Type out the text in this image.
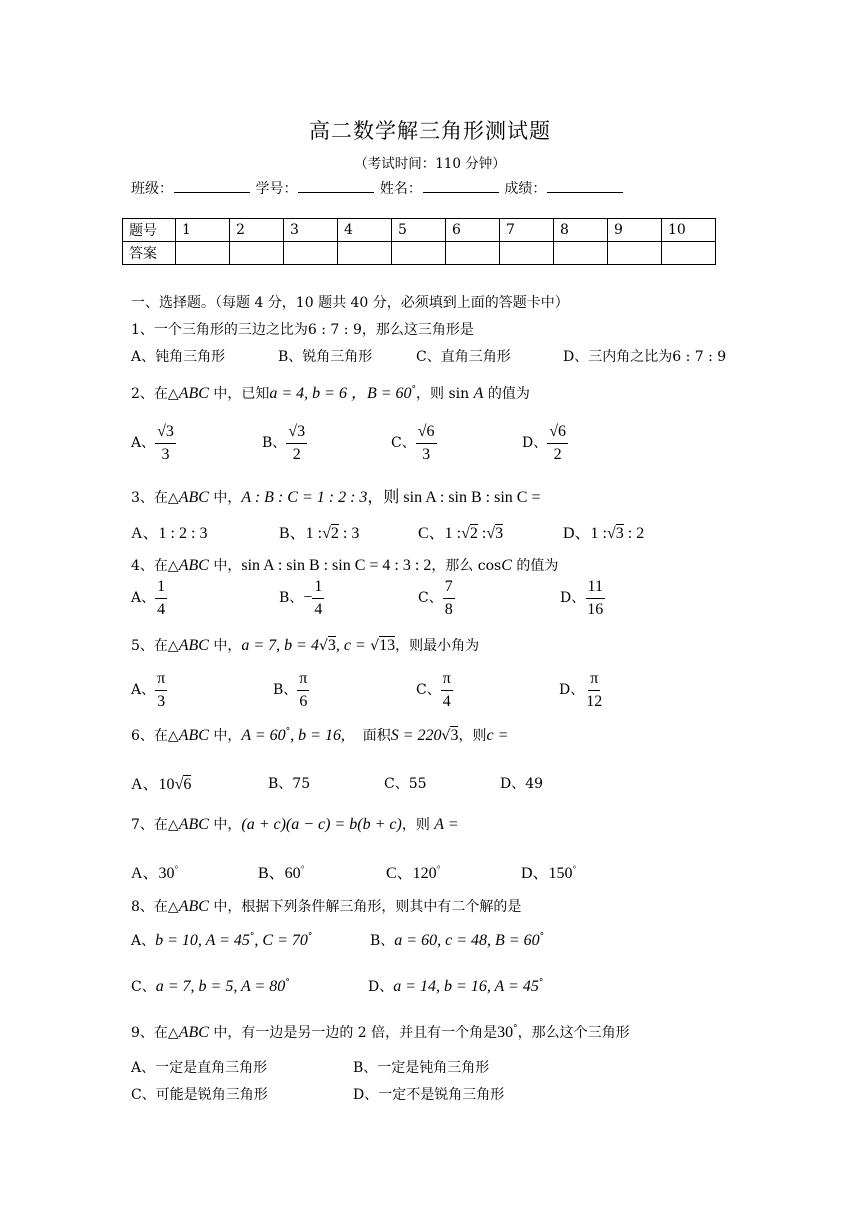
高二数学解三角形测试题
（考试时间：110 分钟）
班级：	学号：	姓名：	成绩：
题号	1	2	3	4	5	6	7	8	9	10
答案										
一、选择题。（每题 4 分，10 题共 40 分，必须填到上面的答题卡中）
1、一个三角形的三边之比为6 : 7 : 9，那么这三角形是
A、钝角三角形	B、锐角三角形	C、直角三角形	D、三内角之比为6 : 7 : 9
2、在△ABC 中，已知a = 4, b = 6 ，B = 60°，则 sin A 的值为
A、 $\frac{√3}{3}$	B、 $\frac{√3}{2}$	C、 $\frac{√6}{3}$	D、 $\frac{√6}{2}$
3、在△ABC 中，A : B : C = 1 : 2 : 3，则 sin A : sin B : sin C =
A、1 : 2 : 3	B、1 :√2 : 3	C、1 :√2 :√3	D、1 :√3 : 2
4、在△ABC 中，sin A : sin B : sin C = 4 : 3 : 2，那么 cosC 的值为
A、 $\frac{1}{4}$	B、− $\frac{1}{4}$	C、 $\frac{7}{8}$	D、 $\frac{11}{16}$
5、在△ABC 中，a = 7, b = 4√3, c = √13，则最小角为
A、 $\frac{\pi}{3}$	B、 $\frac{\pi}{6}$	C、 $\frac{\pi}{4}$	D、 $\frac{\pi}{12}$
6、在△ABC 中，A = 60°, b = 16, 面积S = 220√3，则c =
A、10√6	B、75	C、55	D、49
7、在△ABC 中，(a + c)(a − c) = b(b + c)，则 A =
A、30°	B、60°	C、120°	D、150°
8、在△ABC 中，根据下列条件解三角形，则其中有二个解的是
A、b = 10, A = 45°, C = 70°	B、a = 60, c = 48, B = 60°
C、a = 7, b = 5, A = 80°	D、a = 14, b = 16, A = 45°
9、在△ABC 中，有一边是另一边的 2 倍，并且有一个角是30°，那么这个三角形
A、一定是直角三角形	B、一定是钝角三角形
C、可能是锐角三角形	D、一定不是锐角三角形
